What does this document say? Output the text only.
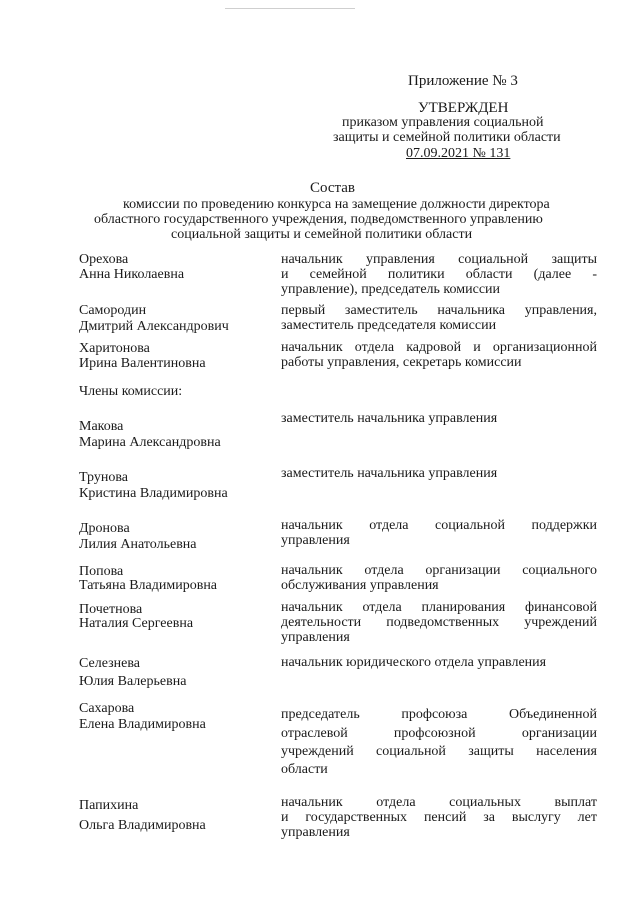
Приложение № 3
УТВЕРЖДЕН
приказом управления социальной
защиты и семейной политики области
07.09.2021 № 131
Состав
комиссии по проведению конкурса на замещение должности директора
областного государственного учреждения, подведомственного управлению
социальной защиты и семейной политики области
Члены комиссии:
Орехова
Анна Николаевна
начальник управления социальной защиты
и семейной политики области (далее -
управление), председатель комиссии
Самородин
Дмитрий Александрович
первый заместитель начальника управления,
заместитель председателя комиссии
Харитонова
Ирина Валентиновна
начальник отдела кадровой и организационной
работы управления, секретарь комиссии
Макова
Марина Александровна
заместитель начальника управления
Трунова
Кристина Владимировна
заместитель начальника управления
Дронова
Лилия Анатольевна
начальник отдела социальной поддержки
управления
Попова
Татьяна Владимировна
начальник отдела организации социального
обслуживания управления
Почетнова
Наталия Сергеевна
начальник отдела планирования финансовой
деятельности подведомственных учреждений
управления
Селезнева
Юлия Валерьевна
начальник юридического отдела управления
Сахарова
Елена Владимировна
председатель профсоюза Объединенной
отраслевой профсоюзной организации
учреждений социальной защиты населения
области
Папихина
Ольга Владимировна
начальник отдела социальных выплат
и государственных пенсий за выслугу лет
управления
